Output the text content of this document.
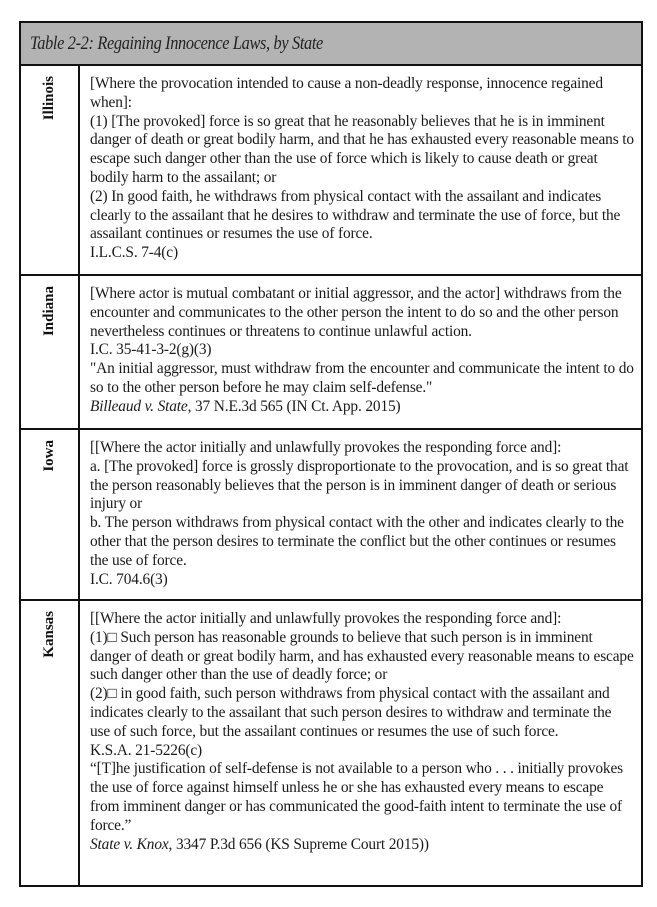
Table 2-2: Regaining Innocence Laws, by State
Illinois [Where the provocation intended to cause a non-deadly response, innocence regained when]:

(1) [The provoked] force is so great that he reasonably believes that he is in imminent danger of death or great bodily harm, and that he has exhausted every reasonable means to escape such danger other than the use of force which is likely to cause death or great bodily harm to the assailant; or

(2) In good faith, he withdraws from physical contact with the assailant and indicates clearly to the assailant that he desires to withdraw and terminate the use of force, but the assailant continues or resumes the use of force.

I.L.C.S. 7-4(c)

Indiana [Where actor is mutual combatant or initial aggressor, and the actor] withdraws from the encounter and communicates to the other person the intent to do so and the other person nevertheless continues or threatens to continue unlawful action.

I.C. 35-41-3-2(g)(3)

"An initial aggressor, must withdraw from the encounter and communicate the intent to do so to the other person before he may claim self-defense."

Billeaud v. State, 37 N.E.3d 565 (IN Ct. App. 2015)

Iowa [[Where the actor initially and unlawfully provokes the responding force and]:

a. [The provoked] force is grossly disproportionate to the provocation, and is so great that the person reasonably believes that the person is in imminent danger of death or serious injury or

b. The person withdraws from physical contact with the other and indicates clearly to the other that the person desires to terminate the conflict but the other continues or resumes the use of force.

I.C. 704.6(3)

Kansas [[Where the actor initially and unlawfully provokes the responding force and]:

(1)□ Such person has reasonable grounds to believe that such person is in imminent danger of death or great bodily harm, and has exhausted every reasonable means to escape such danger other than the use of deadly force; or

(2)□ in good faith, such person withdraws from physical contact with the assailant and indicates clearly to the assailant that such person desires to withdraw and terminate the use of such force, but the assailant continues or resumes the use of such force.

K.S.A. 21-5226(c)

“[T]he justification of self-defense is not available to a person who . . . initially provokes the use of force against himself unless he or she has exhausted every means to escape from imminent danger or has communicated the good-faith intent to terminate the use of force.”

State v. Knox, 3347 P.3d 656 (KS Supreme Court 2015))
